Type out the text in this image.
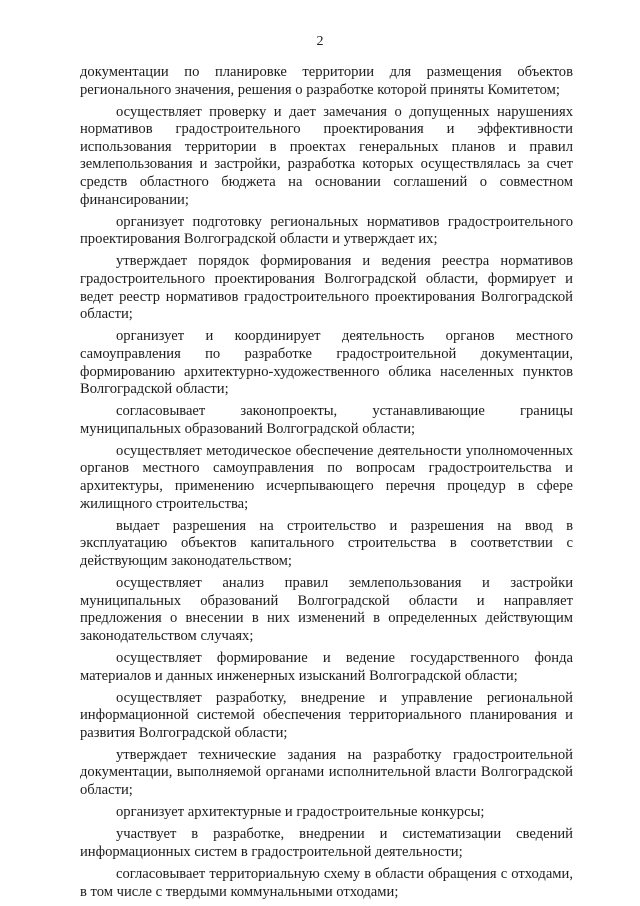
2

документации по планировке территории для размещения объектов регионального значения, решения о разработке которой приняты Комитетом;

осуществляет проверку и дает замечания о допущенных нарушениях нормативов градостроительного проектирования и эффективности использования территории в проектах генеральных планов и правил землепользования и застройки, разработка которых осуществлялась за счет средств областного бюджета на основании соглашений о совместном финансировании;

организует подготовку региональных нормативов градостроительного проектирования Волгоградской области и утверждает их;

утверждает порядок формирования и ведения реестра нормативов градостроительного проектирования Волгоградской области, формирует и ведет реестр нормативов градостроительного проектирования Волгоградской области;

организует и координирует деятельность органов местного самоуправления по разработке градостроительной документации, формированию архитектурно-художественного облика населенных пунктов Волгоградской области;

согласовывает законопроекты, устанавливающие границы муниципальных образований Волгоградской области;

осуществляет методическое обеспечение деятельности уполномоченных органов местного самоуправления по вопросам градостроительства и архитектуры, применению исчерпывающего перечня процедур в сфере жилищного строительства;

выдает разрешения на строительство и разрешения на ввод в эксплуатацию объектов капитального строительства в соответствии с действующим законодательством;

осуществляет анализ правил землепользования и застройки муниципальных образований Волгоградской области и направляет предложения о внесении в них изменений в определенных действующим законодательством случаях;

осуществляет формирование и ведение государственного фонда материалов и данных инженерных изысканий Волгоградской области;

осуществляет разработку, внедрение и управление региональной информационной системой обеспечения территориального планирования и развития Волгоградской области;

утверждает технические задания на разработку градостроительной документации, выполняемой органами исполнительной власти Волгоградской области;

организует архитектурные и градостроительные конкурсы;

участвует в разработке, внедрении и систематизации сведений информационных систем в градостроительной деятельности;

согласовывает территориальную схему в области обращения с отходами, в том числе с твердыми коммунальными отходами;
